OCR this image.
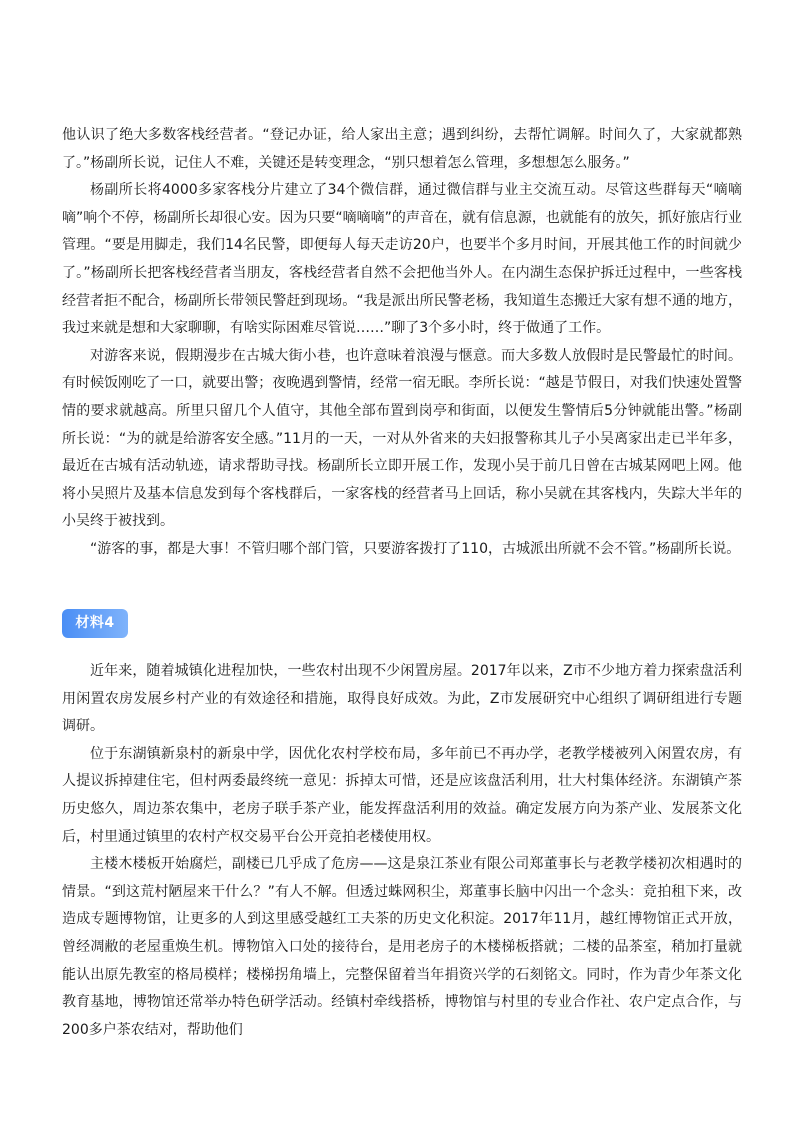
他认识了绝大多数客栈经营者。“登记办证，给人家出主意；遇到纠纷，去帮忙调解。时间久了，大家就都熟了。”杨副所长说，记住人不难，关键还是转变理念，“别只想着怎么管理，多想想怎么服务。”

杨副所长将4000多家客栈分片建立了34个微信群，通过微信群与业主交流互动。尽管这些群每天“嘀嘀嘀”响个不停，杨副所长却很心安。因为只要“嘀嘀嘀”的声音在，就有信息源，也就能有的放矢，抓好旅店行业管理。“要是用脚走，我们14名民警，即便每人每天走访20户，也要半个多月时间，开展其他工作的时间就少了。”杨副所长把客栈经营者当朋友，客栈经营者自然不会把他当外人。在内湖生态保护拆迁过程中，一些客栈经营者拒不配合，杨副所长带领民警赶到现场。“我是派出所民警老杨，我知道生态搬迁大家有想不通的地方，我过来就是想和大家聊聊，有啥实际困难尽管说……”聊了3个多小时，终于做通了工作。

对游客来说，假期漫步在古城大街小巷，也许意味着浪漫与惬意。而大多数人放假时是民警最忙的时间。有时候饭刚吃了一口，就要出警；夜晚遇到警情，经常一宿无眠。李所长说：“越是节假日，对我们快速处置警情的要求就越高。所里只留几个人值守，其他全部布置到岗亭和街面，以便发生警情后5分钟就能出警。”杨副所长说：“为的就是给游客安全感。”11月的一天，一对从外省来的夫妇报警称其儿子小吴离家出走已半年多，最近在古城有活动轨迹，请求帮助寻找。杨副所长立即开展工作，发现小吴于前几日曾在古城某网吧上网。他将小吴照片及基本信息发到每个客栈群后，一家客栈的经营者马上回话，称小吴就在其客栈内，失踪大半年的小吴终于被找到。

“游客的事，都是大事！不管归哪个部门管，只要游客拨打了110，古城派出所就不会不管。”杨副所长说。

材料4

近年来，随着城镇化进程加快，一些农村出现不少闲置房屋。2017年以来，Z市不少地方着力探索盘活利用闲置农房发展乡村产业的有效途径和措施，取得良好成效。为此，Z市发展研究中心组织了调研组进行专题调研。

位于东湖镇新泉村的新泉中学，因优化农村学校布局，多年前已不再办学，老教学楼被列入闲置农房，有人提议拆掉建住宅，但村两委最终统一意见：拆掉太可惜，还是应该盘活利用，壮大村集体经济。东湖镇产茶历史悠久，周边茶农集中，老房子联手茶产业，能发挥盘活利用的效益。确定发展方向为茶产业、发展茶文化后，村里通过镇里的农村产权交易平台公开竞拍老楼使用权。

主楼木楼板开始腐烂，副楼已几乎成了危房——这是泉江茶业有限公司郑董事长与老教学楼初次相遇时的情景。“到这荒村陋屋来干什么？”有人不解。但透过蛛网积尘，郑董事长脑中闪出一个念头：竞拍租下来，改造成专题博物馆，让更多的人到这里感受越红工夫茶的历史文化积淀。2017年11月，越红博物馆正式开放，曾经凋敝的老屋重焕生机。博物馆入口处的接待台，是用老房子的木楼梯板搭就；二楼的品茶室，稍加打量就能认出原先教室的格局模样；楼梯拐角墙上，完整保留着当年捐资兴学的石刻铭文。同时，作为青少年茶文化教育基地，博物馆还常举办特色研学活动。经镇村牵线搭桥，博物馆与村里的专业合作社、农户定点合作，与200多户茶农结对，帮助他们
